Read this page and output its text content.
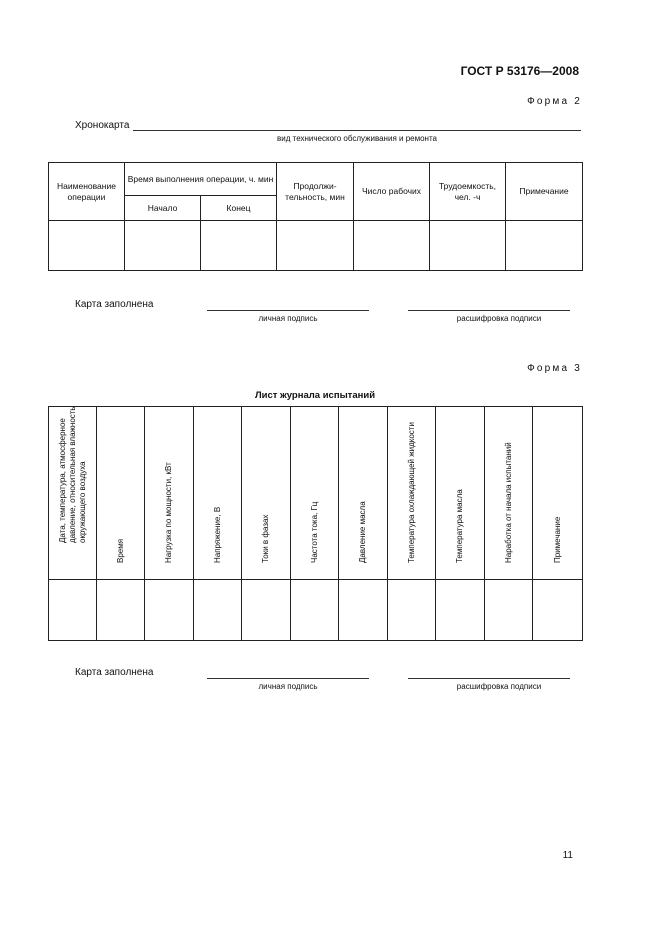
ГОСТ Р 53176—2008
Форма 2
Хронокарта
вид технического обслуживания и ремонта
Наименование операции	Время выполнения операции, ч. мин		Продолжи-тельность, мин	Число рабочих	Трудоемкость, чел. -ч	Примечание
	Начало	Конец				

Карта заполнена
личная подпись	расшифровка подписи
Форма 3
Лист журнала испытаний
Дата, температура, атмосферное давление, относительная влажность окружающего воздуха	Время	Нагрузка по мощности, кВт	Напряжение, В	Токи в фазах	Частота тока, Гц	Давление масла	Температура охлаждающей жидкости	Температура масла	Наработка от начала испытаний	Примечание

Карта заполнена
личная подпись	расшифровка подписи
11
